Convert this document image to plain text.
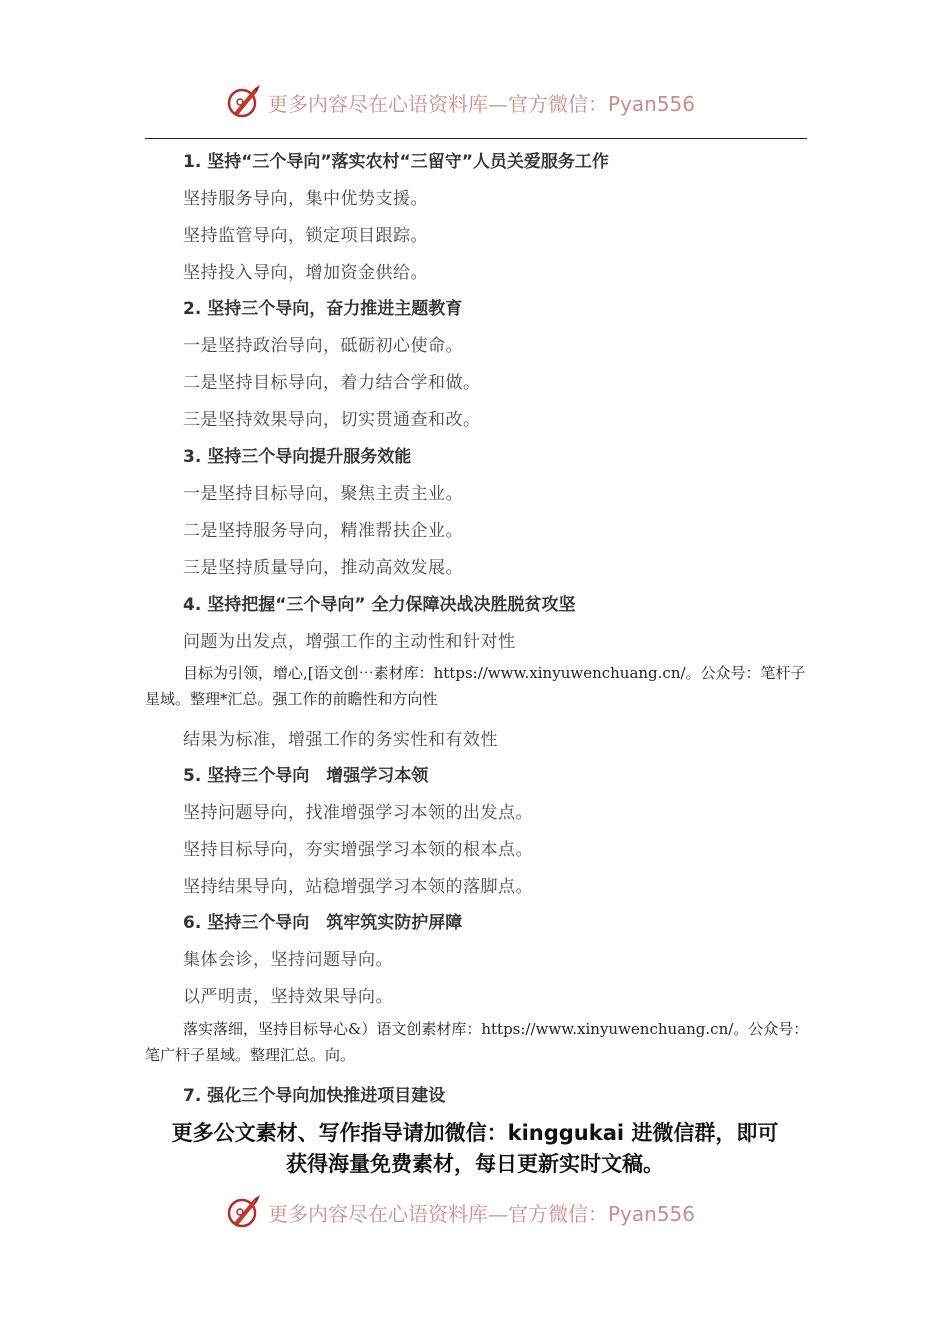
更多内容尽在心语资料库—官方微信：Pyan556
1. 坚持“三个导向”落实农村“三留守”人员关爱服务工作
坚持服务导向，集中优势支援。
坚持监管导向，锁定项目跟踪。
坚持投入导向，增加资金供给。
2. 坚持三个导向，奋力推进主题教育
一是坚持政治导向，砥砺初心使命。
二是坚持目标导向，着力结合学和做。
三是坚持效果导向，切实贯通查和改。
3. 坚持三个导向提升服务效能
一是坚持目标导向，聚焦主责主业。
二是坚持服务导向，精准帮扶企业。
三是坚持质量导向，推动高效发展。
4. 坚持把握“三个导向” 全力保障决战决胜脱贫攻坚
问题为出发点，增强工作的主动性和针对性
目标为引领，增心,[语文创⋯素材库：https://www.xinyuwenchuang.cn/。公众号：笔杆子星域。整理*汇总。强工作的前瞻性和方向性
结果为标准，增强工作的务实性和有效性
5. 坚持三个导向　增强学习本领
坚持问题导向，找准增强学习本领的出发点。
坚持目标导向，夯实增强学习本领的根本点。
坚持结果导向，站稳增强学习本领的落脚点。
6. 坚持三个导向　筑牢筑实防护屏障
集体会诊，坚持问题导向。
以严明责，坚持效果导向。
落实落细，坚持目标导心&）语文创素材库：https://www.xinyuwenchuang.cn/。公众号：笔广杆子星域。整理汇总。向。
7. 强化三个导向加快推进项目建设
更多公文素材、写作指导请加微信：kinggukai 进微信群，即可
获得海量免费素材，每日更新实时文稿。
更多内容尽在心语资料库—官方微信：Pyan556
